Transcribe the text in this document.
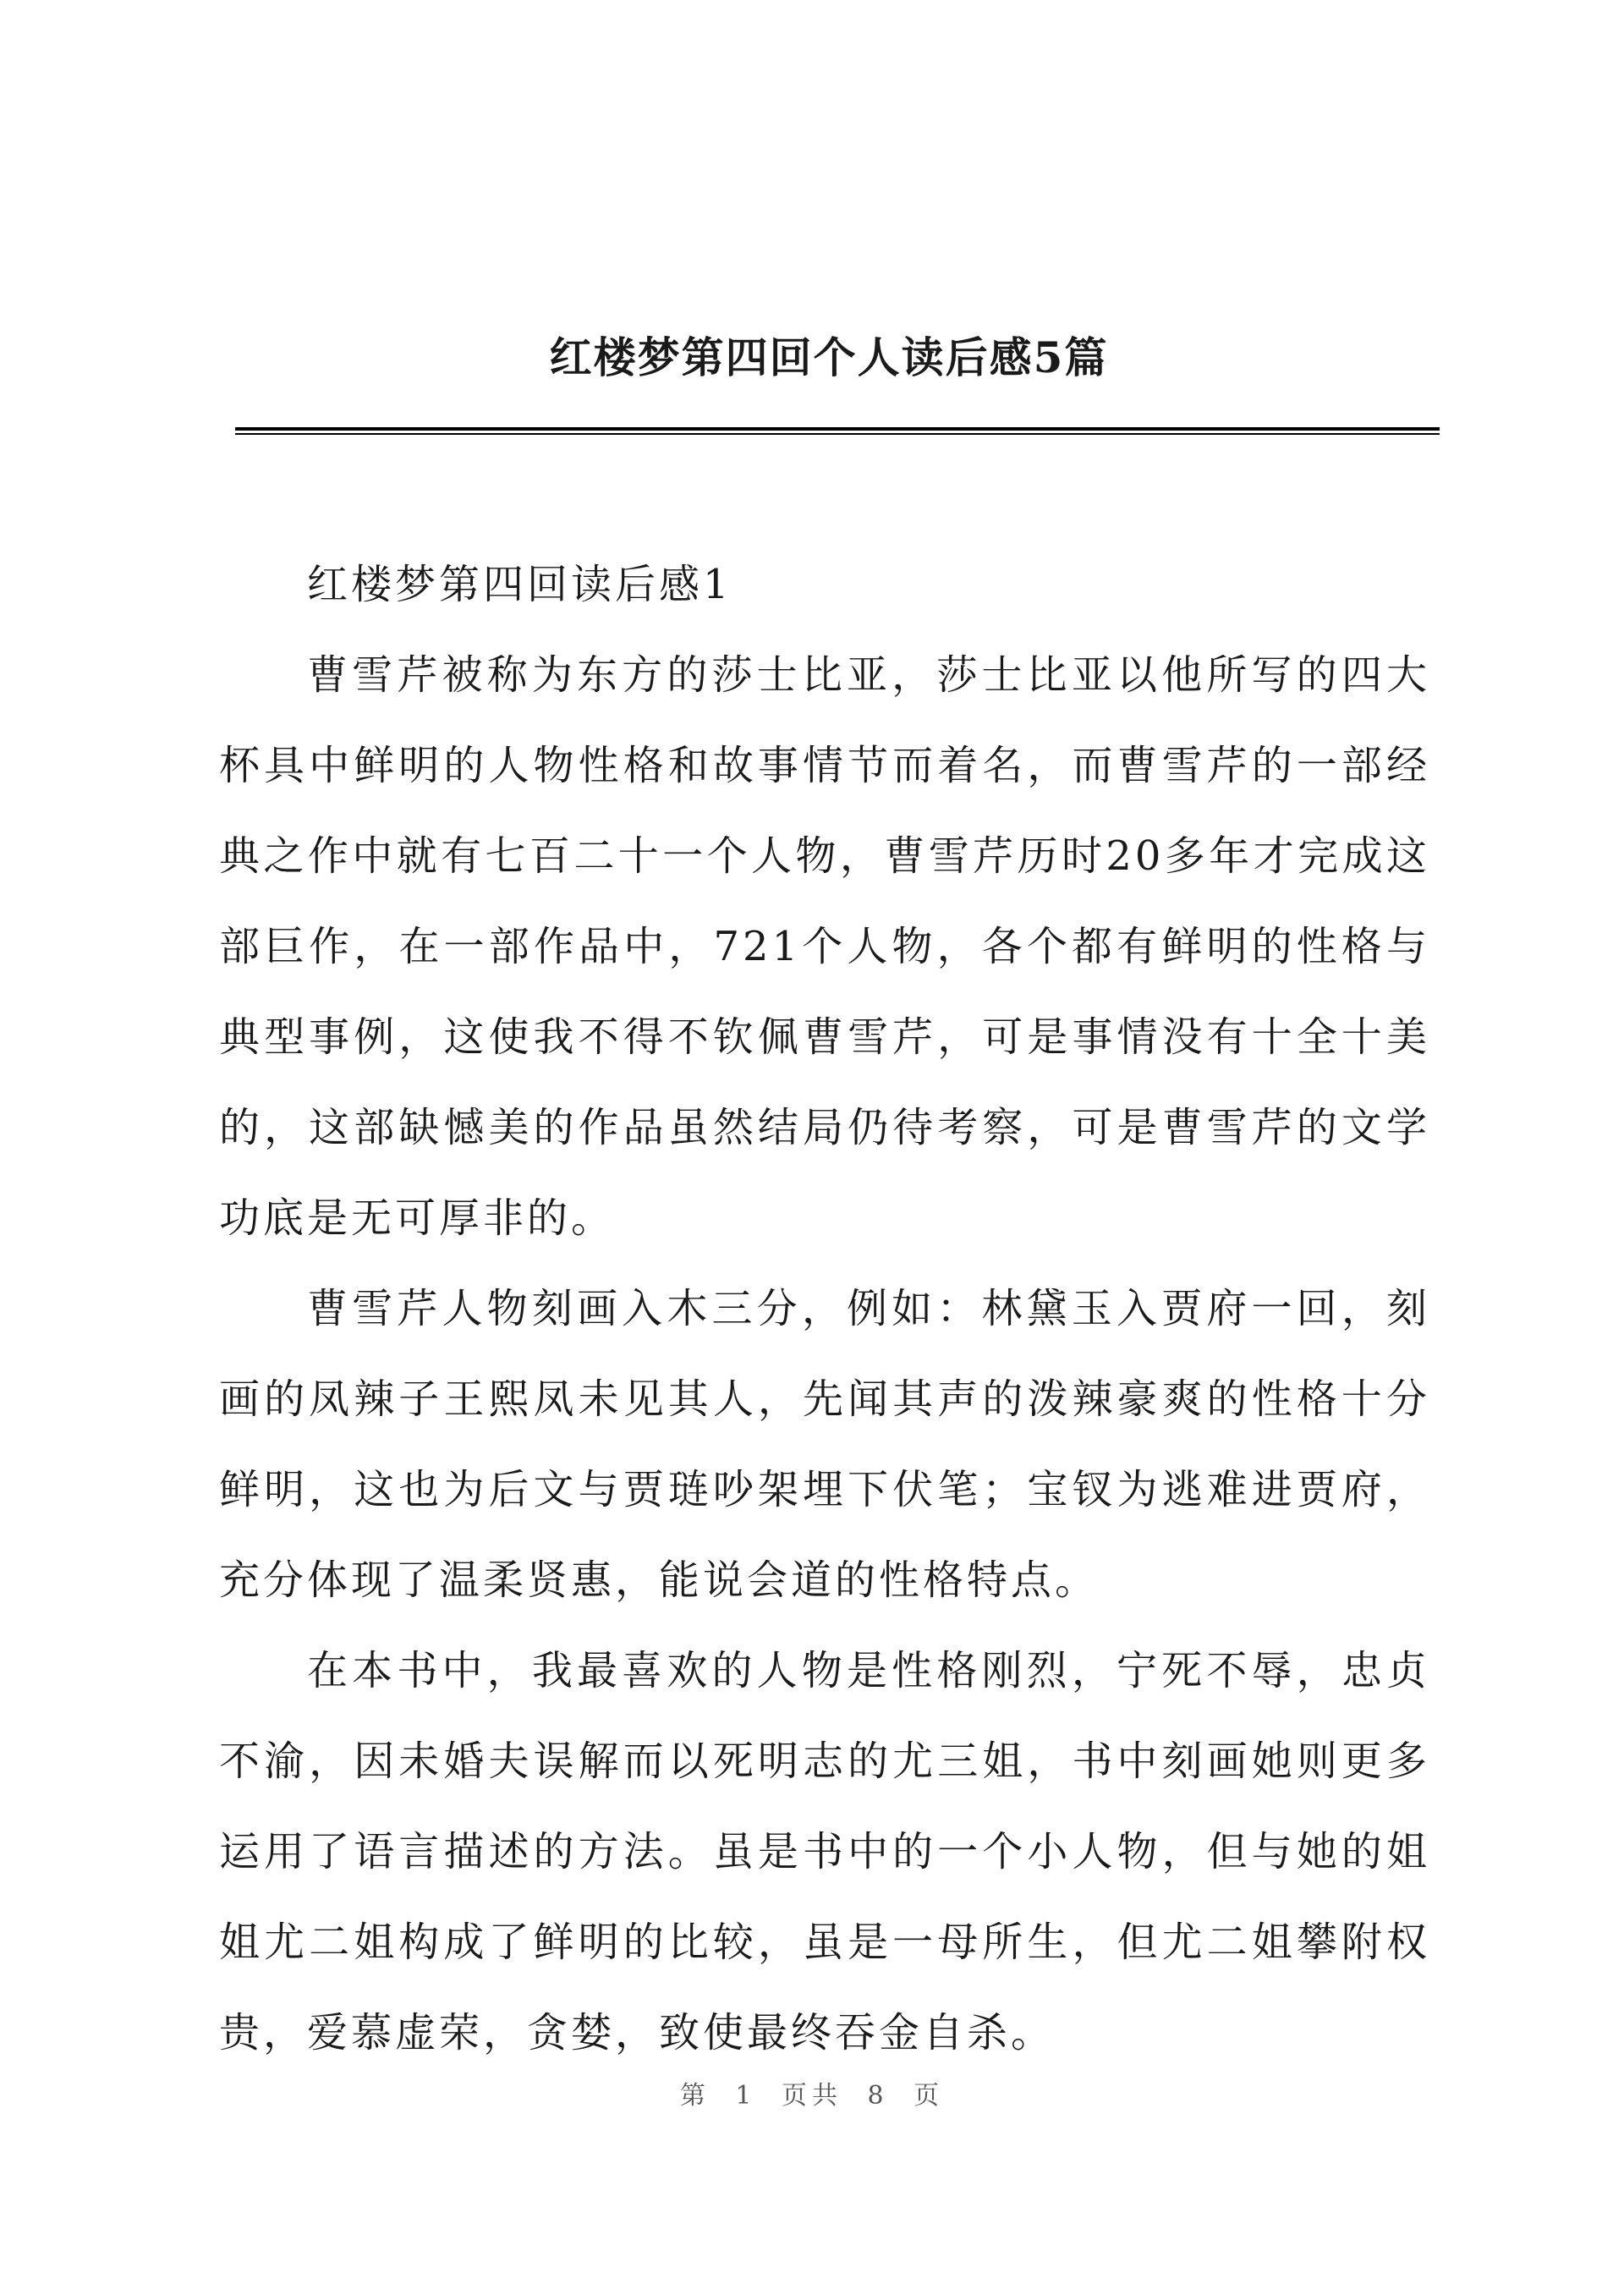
红楼梦第四回个人读后感5篇

红楼梦第四回读后感1

曹雪芹被称为东方的莎士比亚，莎士比亚以他所写的四大杯具中鲜明的人物性格和故事情节而着名，而曹雪芹的一部经典之作中就有七百二十一个人物，曹雪芹历时20多年才完成这部巨作，在一部作品中，721个人物，各个都有鲜明的性格与典型事例，这使我不得不钦佩曹雪芹，可是事情没有十全十美的，这部缺憾美的作品虽然结局仍待考察，可是曹雪芹的文学功底是无可厚非的。

曹雪芹人物刻画入木三分，例如：林黛玉入贾府一回，刻画的凤辣子王熙凤未见其人，先闻其声的泼辣豪爽的性格十分鲜明，这也为后文与贾琏吵架埋下伏笔；宝钗为逃难进贾府，充分体现了温柔贤惠，能说会道的性格特点。

在本书中，我最喜欢的人物是性格刚烈，宁死不辱，忠贞不渝，因未婚夫误解而以死明志的尤三姐，书中刻画她则更多运用了语言描述的方法。虽是书中的一个小人物，但与她的姐姐尤二姐构成了鲜明的比较，虽是一母所生，但尤二姐攀附权贵，爱慕虚荣，贪婪，致使最终吞金自杀。

第 1 页共 8 页
